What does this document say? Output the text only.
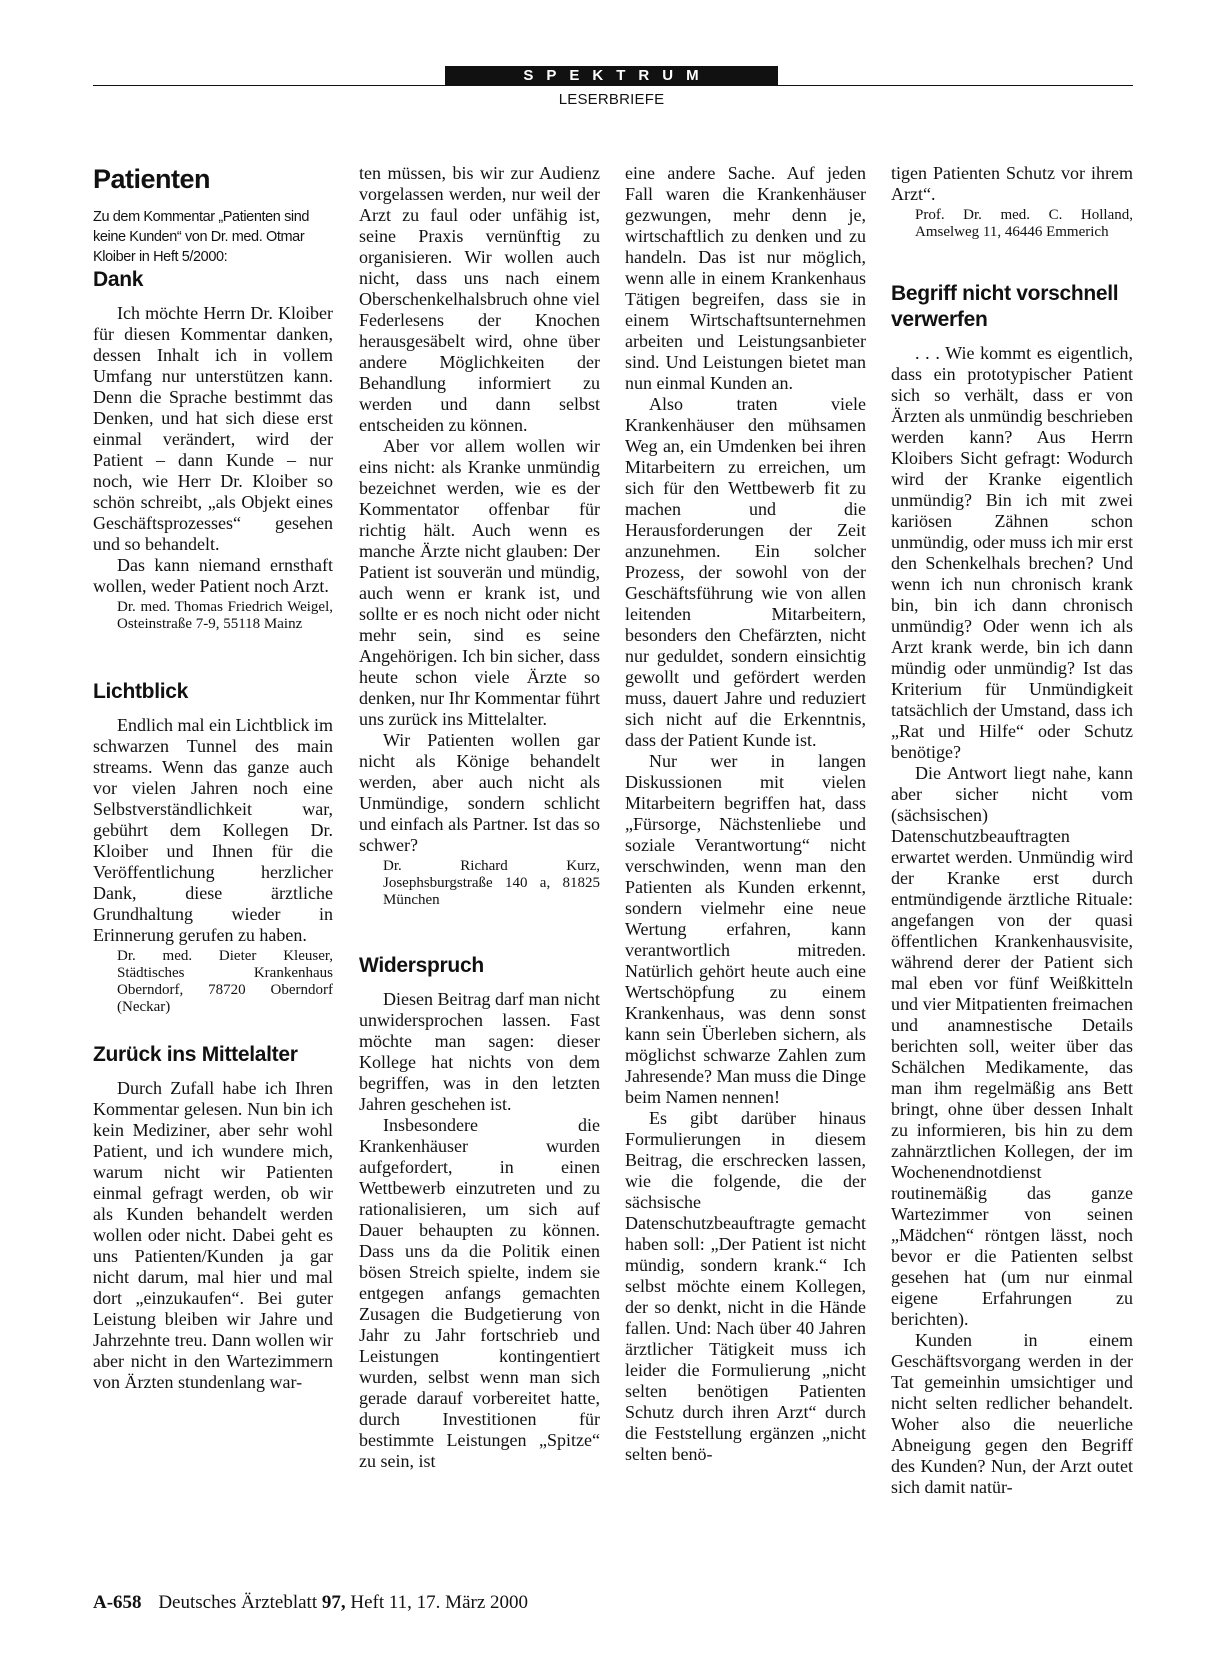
SPEKTRUM
LESERBRIEFE
Patienten

Zu dem Kommentar „Patienten sind keine Kunden“ von Dr. med. Otmar Kloiber in Heft 5/2000:

Dank

Ich möchte Herrn Dr. Kloiber für diesen Kommentar danken, dessen Inhalt ich in vollem Umfang nur unterstützen kann. Denn die Sprache bestimmt das Denken, und hat sich diese erst einmal verändert, wird der Patient – dann Kunde – nur noch, wie Herr Dr. Kloiber so schön schreibt, „als Objekt eines Geschäftsprozesses“ gesehen und so behandelt.

Das kann niemand ernsthaft wollen, weder Patient noch Arzt.

Dr. med. Thomas Friedrich Weigel, Osteinstraße 7-9, 55118 Mainz

Lichtblick

Endlich mal ein Lichtblick im schwarzen Tunnel des main streams. Wenn das ganze auch vor vielen Jahren noch eine Selbstverständlichkeit war, gebührt dem Kollegen Dr. Kloiber und Ihnen für die Veröffentlichung herzlicher Dank, diese ärztliche Grundhaltung wieder in Erinnerung gerufen zu haben.

Dr. med. Dieter Kleuser, Städtisches Krankenhaus Oberndorf, 78720 Oberndorf (Neckar)

Zurück ins Mittelalter

Durch Zufall habe ich Ihren Kommentar gelesen. Nun bin ich kein Mediziner, aber sehr wohl Patient, und ich wundere mich, warum nicht wir Patienten einmal gefragt werden, ob wir als Kunden behandelt werden wollen oder nicht. Dabei geht es uns Patienten/Kunden ja gar nicht darum, mal hier und mal dort „einzukaufen“. Bei guter Leistung bleiben wir Jahre und Jahrzehnte treu. Dann wollen wir aber nicht in den Wartezimmern von Ärzten stundenlang war-

ten müssen, bis wir zur Audienz vorgelassen werden, nur weil der Arzt zu faul oder unfähig ist, seine Praxis vernünftig zu organisieren. Wir wollen auch nicht, dass uns nach einem Oberschenkelhalsbruch ohne viel Federlesens der Knochen herausgesäbelt wird, ohne über andere Möglichkeiten der Behandlung informiert zu werden und dann selbst entscheiden zu können.

Aber vor allem wollen wir eins nicht: als Kranke unmündig bezeichnet werden, wie es der Kommentator offenbar für richtig hält. Auch wenn es manche Ärzte nicht glauben: Der Patient ist souverän und mündig, auch wenn er krank ist, und sollte er es noch nicht oder nicht mehr sein, sind es seine Angehörigen. Ich bin sicher, dass heute schon viele Ärzte so denken, nur Ihr Kommentar führt uns zurück ins Mittelalter.

Wir Patienten wollen gar nicht als Könige behandelt werden, aber auch nicht als Unmündige, sondern schlicht und einfach als Partner. Ist das so schwer?

Dr. Richard Kurz, Josephsburgstraße 140 a, 81825 München

Widerspruch

Diesen Beitrag darf man nicht unwidersprochen lassen. Fast möchte man sagen: dieser Kollege hat nichts von dem begriffen, was in den letzten Jahren geschehen ist.

Insbesondere die Krankenhäuser wurden aufgefordert, in einen Wettbewerb einzutreten und zu rationalisieren, um sich auf Dauer behaupten zu können. Dass uns da die Politik einen bösen Streich spielte, indem sie entgegen anfangs gemachten Zusagen die Budgetierung von Jahr zu Jahr fortschrieb und Leistungen kontingentiert wurden, selbst wenn man sich gerade darauf vorbereitet hatte, durch Investitionen für bestimmte Leistungen „Spitze“ zu sein, ist

eine andere Sache. Auf jeden Fall waren die Krankenhäuser gezwungen, mehr denn je, wirtschaftlich zu denken und zu handeln. Das ist nur möglich, wenn alle in einem Krankenhaus Tätigen begreifen, dass sie in einem Wirtschaftsunternehmen arbeiten und Leistungsanbieter sind. Und Leistungen bietet man nun einmal Kunden an.

Also traten viele Krankenhäuser den mühsamen Weg an, ein Umdenken bei ihren Mitarbeitern zu erreichen, um sich für den Wettbewerb fit zu machen und die Herausforderungen der Zeit anzunehmen. Ein solcher Prozess, der sowohl von der Geschäftsführung wie von allen leitenden Mitarbeitern, besonders den Chefärzten, nicht nur geduldet, sondern einsichtig gewollt und gefördert werden muss, dauert Jahre und reduziert sich nicht auf die Erkenntnis, dass der Patient Kunde ist.

Nur wer in langen Diskussionen mit vielen Mitarbeitern begriffen hat, dass „Fürsorge, Nächstenliebe und soziale Verantwortung“ nicht verschwinden, wenn man den Patienten als Kunden erkennt, sondern vielmehr eine neue Wertung erfahren, kann verantwortlich mitreden. Natürlich gehört heute auch eine Wertschöpfung zu einem Krankenhaus, was denn sonst kann sein Überleben sichern, als möglichst schwarze Zahlen zum Jahresende? Man muss die Dinge beim Namen nennen!

Es gibt darüber hinaus Formulierungen in diesem Beitrag, die erschrecken lassen, wie die folgende, die der sächsische Datenschutzbeauftragte gemacht haben soll: „Der Patient ist nicht mündig, sondern krank.“ Ich selbst möchte einem Kollegen, der so denkt, nicht in die Hände fallen. Und: Nach über 40 Jahren ärztlicher Tätigkeit muss ich leider die Formulierung „nicht selten benötigen Patienten Schutz durch ihren Arzt“ durch die Feststellung ergänzen „nicht selten benö-

tigen Patienten Schutz vor ihrem Arzt“.

Prof. Dr. med. C. Holland, Amselweg 11, 46446 Emmerich

Begriff nicht vorschnell verwerfen

. . . Wie kommt es eigentlich, dass ein prototypischer Patient sich so verhält, dass er von Ärzten als unmündig beschrieben werden kann? Aus Herrn Kloibers Sicht gefragt: Wodurch wird der Kranke eigentlich unmündig? Bin ich mit zwei kariösen Zähnen schon unmündig, oder muss ich mir erst den Schenkelhals brechen? Und wenn ich nun chronisch krank bin, bin ich dann chronisch unmündig? Oder wenn ich als Arzt krank werde, bin ich dann mündig oder unmündig? Ist das Kriterium für Unmündigkeit tatsächlich der Umstand, dass ich „Rat und Hilfe“ oder Schutz benötige?

Die Antwort liegt nahe, kann aber sicher nicht vom (sächsischen) Datenschutzbeauftragten erwartet werden. Unmündig wird der Kranke erst durch entmündigende ärztliche Rituale: angefangen von der quasi öffentlichen Krankenhausvisite, während derer der Patient sich mal eben vor fünf Weißkitteln und vier Mitpatienten freimachen und anamnestische Details berichten soll, weiter über das Schälchen Medikamente, das man ihm regelmäßig ans Bett bringt, ohne über dessen Inhalt zu informieren, bis hin zu dem zahnärztlichen Kollegen, der im Wochenendnotdienst routinemäßig das ganze Wartezimmer von seinen „Mädchen“ röntgen lässt, noch bevor er die Patienten selbst gesehen hat (um nur einmal eigene Erfahrungen zu berichten).

Kunden in einem Geschäftsvorgang werden in der Tat gemeinhin umsichtiger und nicht selten redlicher behandelt. Woher also die neuerliche Abneigung gegen den Begriff des Kunden? Nun, der Arzt outet sich damit natür-

A-658 Deutsches Ärzteblatt 97, Heft 11, 17. März 2000
